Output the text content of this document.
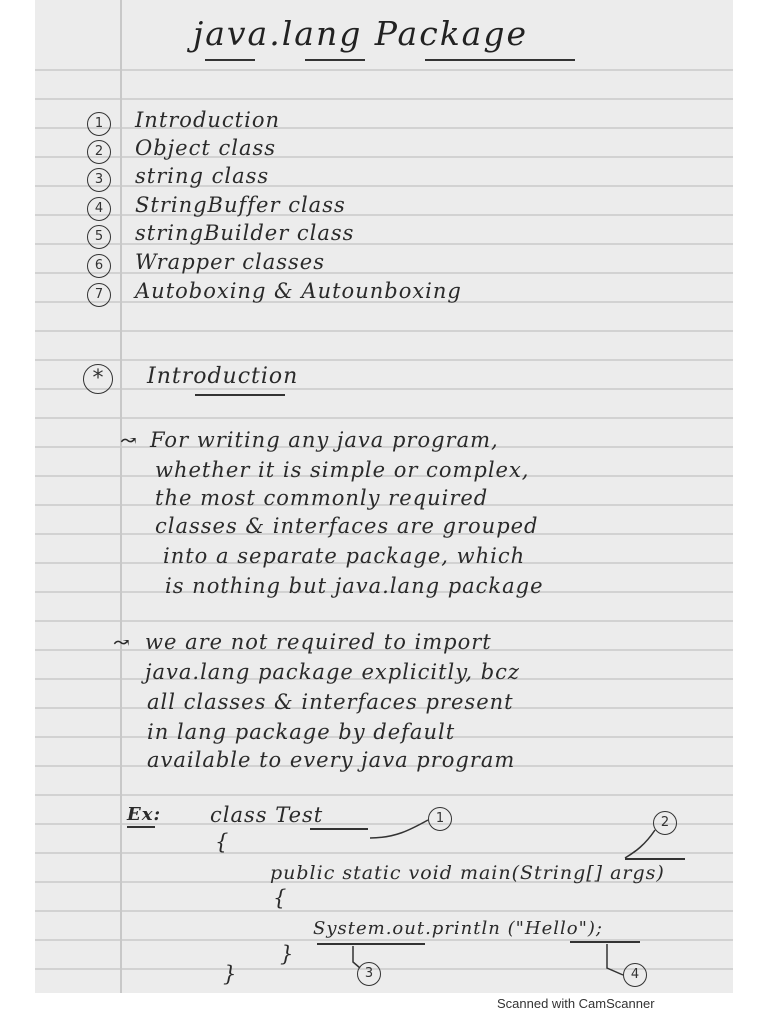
java.lang Package
1	Introduction
2	Object class
3	string class
4	StringBuffer class
5	stringBuilder class
6	Wrapper classes
7	Autoboxing & Autounboxing
*	Introduction
↝ For writing any java program,
whether it is simple or complex,
the most commonly required
classes & interfaces are grouped
into a separate package, which
is nothing but java.lang package
↝ we are not required to import
java.lang package explicitly, bcz
all classes & interfaces present
in lang package by default
available to every java program
Ex: class Test
{
public static void main(String[] args)
{
System.out.println ("Hello");
}
}
1	2
3	4
Scanned with CamScanner
